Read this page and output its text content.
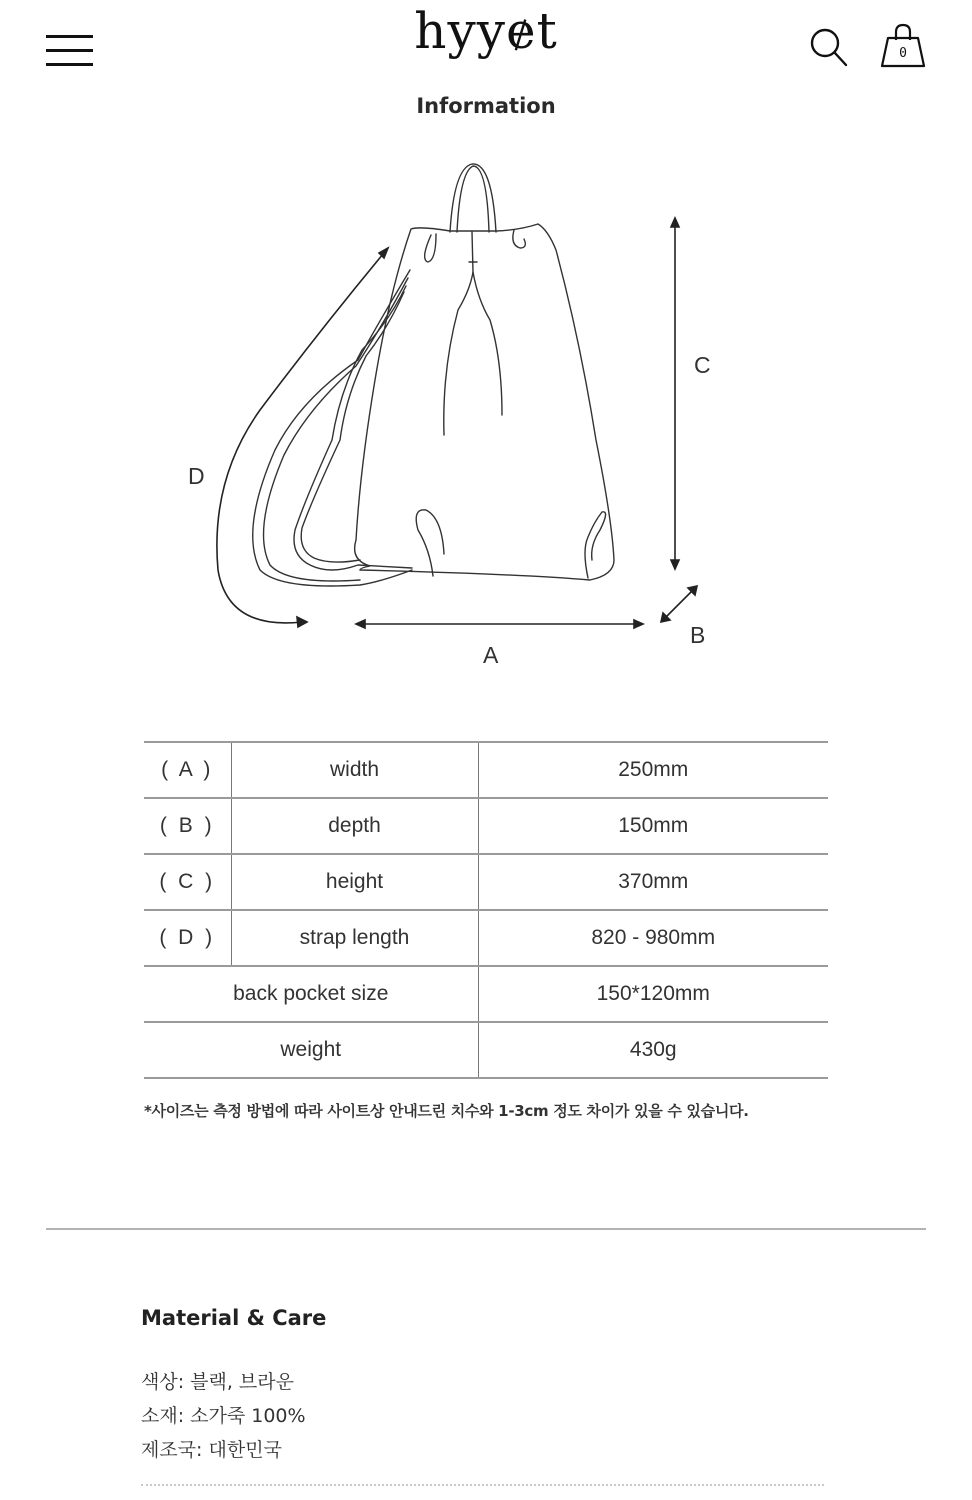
hyyɇt	0
Information
D
A
C
B
( A )	width	250mm
( B )	depth	150mm
( C )	height	370mm
( D )	strap length	820 - 980mm
back pocket size		150*120mm
weight		430g
*사이즈는 측정 방법에 따라 사이트상 안내드린 치수와 1-3cm 정도 차이가 있을 수 있습니다.
Material & Care
색상: 블랙, 브라운
소재: 소가죽 100%
제조국: 대한민국
